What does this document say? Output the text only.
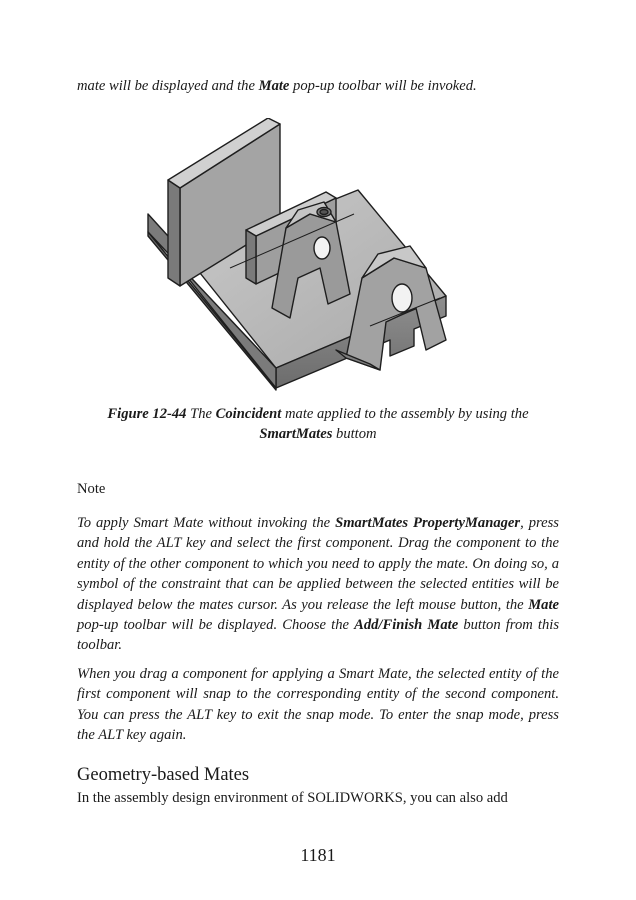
mate will be displayed and the Mate pop-up toolbar will be invoked.

Figure 12-44 The Coincident mate applied to the assembly by using the
SmartMates buttom

Note

To apply Smart Mate without invoking the SmartMates PropertyManager, press and hold the ALT key and select the first component. Drag the component to the entity of the other component to which you need to apply the mate. On doing so, a symbol of the constraint that can be applied between the selected entities will be displayed below the mates cursor. As you release the left mouse button, the Mate pop-up toolbar will be displayed. Choose the Add/Finish Mate button from this toolbar.

When you drag a component for applying a Smart Mate, the selected entity of the first component will snap to the corresponding entity of the second component. You can press the ALT key to exit the snap mode. To enter the snap mode, press the ALT key again.

Geometry-based Mates

In the assembly design environment of SOLIDWORKS, you can also add

1181
